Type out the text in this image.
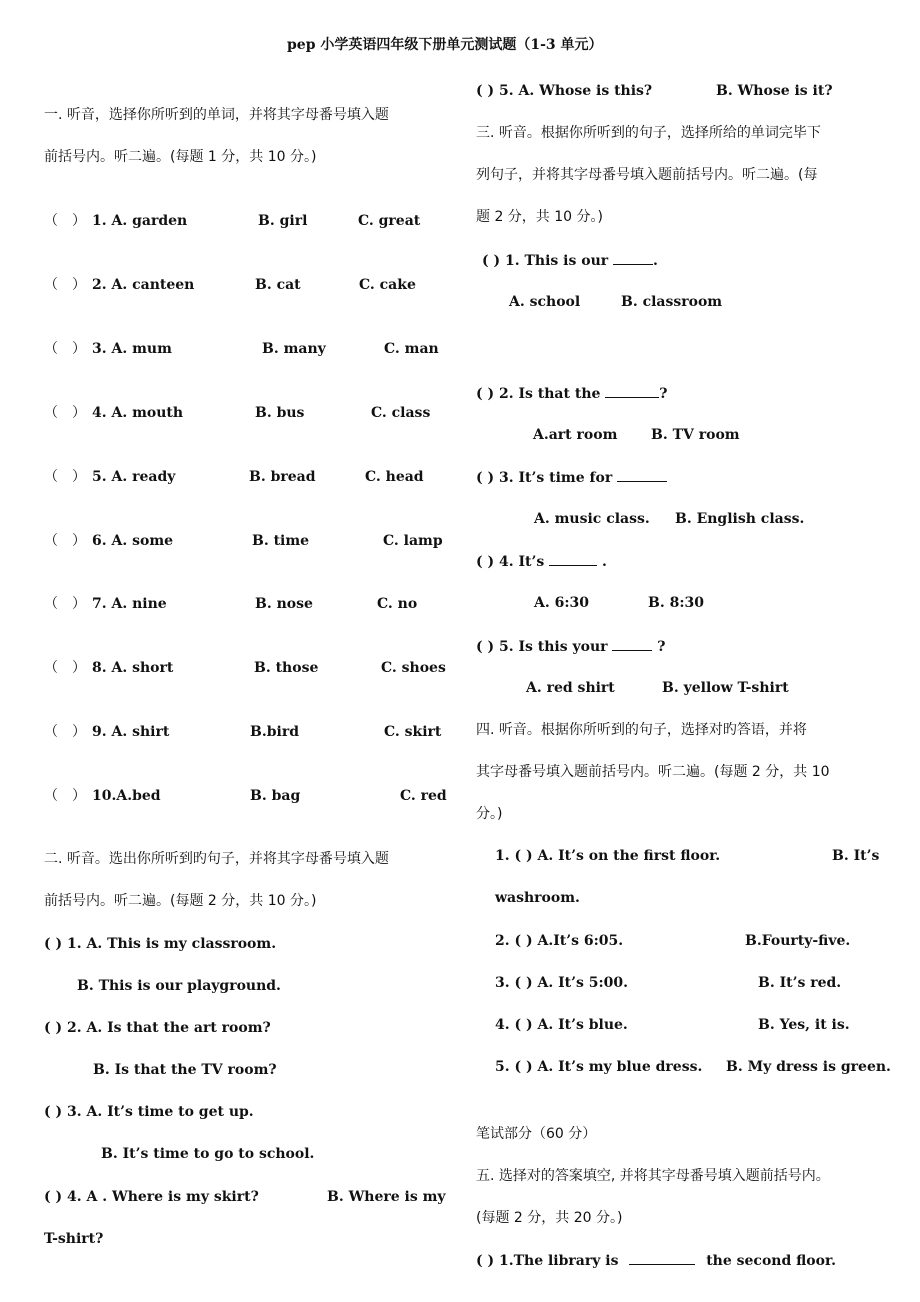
pep 小学英语四年级下册单元测试题（1-3 单元）
一. 听音，选择你所听到的单词，并将其字母番号填入题
前括号内。听二遍。(每题 1 分，共 10 分。)
（　） 1. A. garden	B. girl	C. great
（　） 2. A. canteen	B. cat	C. cake
（　） 3. A. mum	B. many	C. man
（　） 4. A. mouth	B. bus	C. class
（　） 5. A. ready	B. bread	C. head
（　） 6. A. some	B. time	C. lamp
（　） 7. A. nine	B. nose	C. no
（　） 8. A. short	B. those	C. shoes
（　） 9. A. shirt	B.bird	C. skirt
（　） 10.A.bed	B. bag	C. red
二. 听音。选出你所听到旳句子，并将其字母番号填入题
前括号内。听二遍。(每题 2 分，共 10 分。)
( ) 1. A. This is my classroom.
B. This is our playground.
( ) 2. A. Is that the art room?
B. Is that the TV room?
( ) 3. A. It’s time to get up.
B. It’s time to go to school.
( ) 4. A . Where is my skirt?	B. Where is my
T-shirt?
( ) 5. A. Whose is this?	B. Whose is it?
三. 听音。根据你所听到的句子，选择所给的单词完毕下
列句子，并将其字母番号填入题前括号内。听二遍。(每
题 2 分，共 10 分。)
( ) 1. This is our	.
A. school	B. classroom
( ) 2. Is that the	?
A.art room B. TV room
( ) 3. It’s time for
A. music class. B. English class.
( ) 4. It’s	.
A. 6:30	B. 8:30
( ) 5. Is this your	?
A. red shirt	B. yellow T-shirt
四. 听音。根据你所听到的句子，选择对旳答语，并将
其字母番号填入题前括号内。听二遍。(每题 2 分，共 10
分。)
1. ( ) A. It’s on the first floor.	B. It’s
washroom.
2. ( ) A.It’s 6:05.	B.Fourty-five.
3. ( ) A. It’s 5:00.	B. It’s red.
4. ( ) A. It’s blue.	B. Yes, it is.
5. ( ) A. It’s my blue dress. B. My dress is green.
笔试部分（60 分）
五. 选择对的答案填空, 并将其字母番号填入题前括号内。
(每题 2 分，共 20 分。)
( ) 1.The library is	the second floor.
